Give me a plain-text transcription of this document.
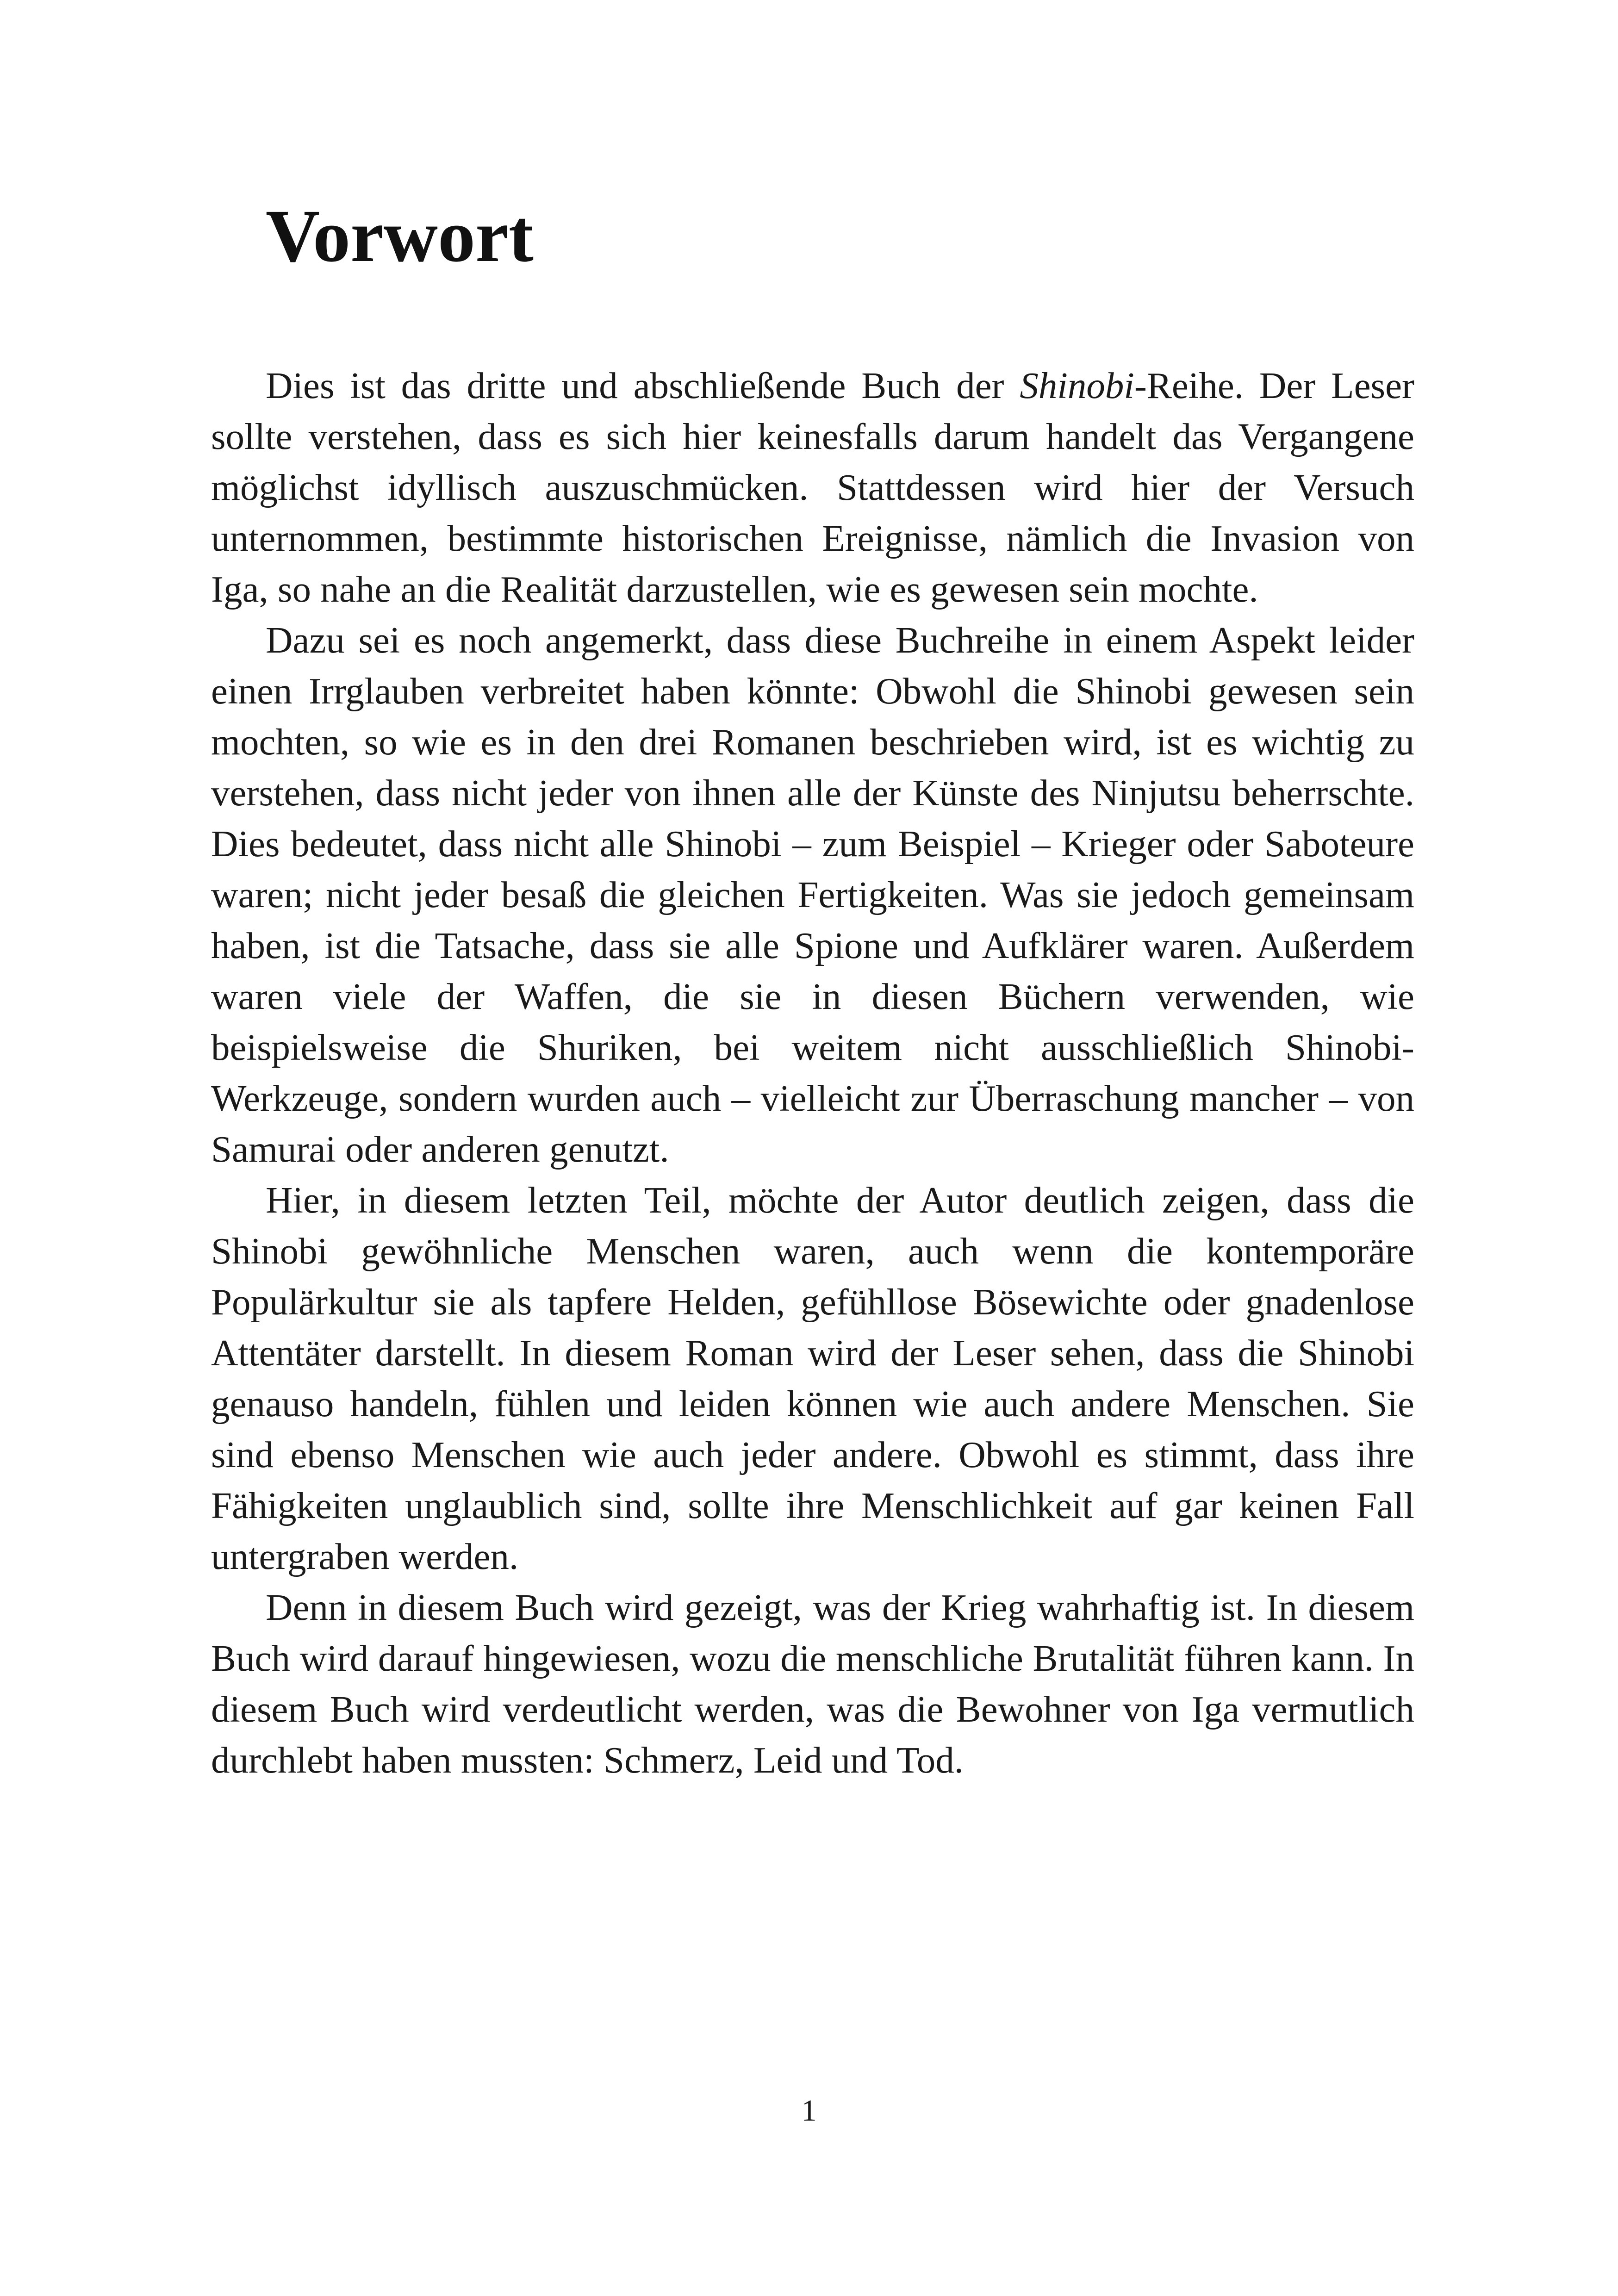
Vorwort

Dies ist das dritte und abschließende Buch der Shinobi-Reihe. Der Leser sollte verstehen, dass es sich hier keinesfalls darum handelt das Vergangene möglichst idyllisch auszuschmücken. Stattdessen wird hier der Versuch unternommen, bestimmte historischen Ereignisse, nämlich die Invasion von Iga, so nahe an die Realität darzustellen, wie es gewesen sein mochte.

Dazu sei es noch angemerkt, dass diese Buchreihe in einem Aspekt leider einen Irrglauben verbreitet haben könnte: Obwohl die Shinobi gewesen sein mochten, so wie es in den drei Romanen beschrieben wird, ist es wichtig zu verstehen, dass nicht jeder von ihnen alle der Künste des Ninjutsu beherrschte. Dies bedeutet, dass nicht alle Shinobi – zum Beispiel – Krieger oder Saboteure waren; nicht jeder besaß die gleichen Fertigkeiten. Was sie jedoch gemeinsam haben, ist die Tatsache, dass sie alle Spione und Aufklärer waren. Außerdem waren viele der Waffen, die sie in diesen Büchern verwenden, wie beispielsweise die Shuriken, bei weitem nicht ausschließlich Shinobi-Werkzeuge, sondern wurden auch – vielleicht zur Überraschung mancher – von Samurai oder anderen genutzt.

Hier, in diesem letzten Teil, möchte der Autor deutlich zeigen, dass die Shinobi gewöhnliche Menschen waren, auch wenn die kontemporäre Populärkultur sie als tapfere Helden, gefühllose Bösewichte oder gnadenlose Attentäter darstellt. In diesem Roman wird der Leser sehen, dass die Shinobi genauso handeln, fühlen und leiden können wie auch andere Menschen. Sie sind ebenso Menschen wie auch jeder andere. Obwohl es stimmt, dass ihre Fähigkeiten unglaublich sind, sollte ihre Menschlichkeit auf gar keinen Fall untergraben werden.

Denn in diesem Buch wird gezeigt, was der Krieg wahrhaftig ist. In diesem Buch wird darauf hingewiesen, wozu die menschliche Brutalität führen kann. In diesem Buch wird verdeutlicht werden, was die Bewohner von Iga vermutlich durchlebt haben mussten: Schmerz, Leid und Tod.

1
